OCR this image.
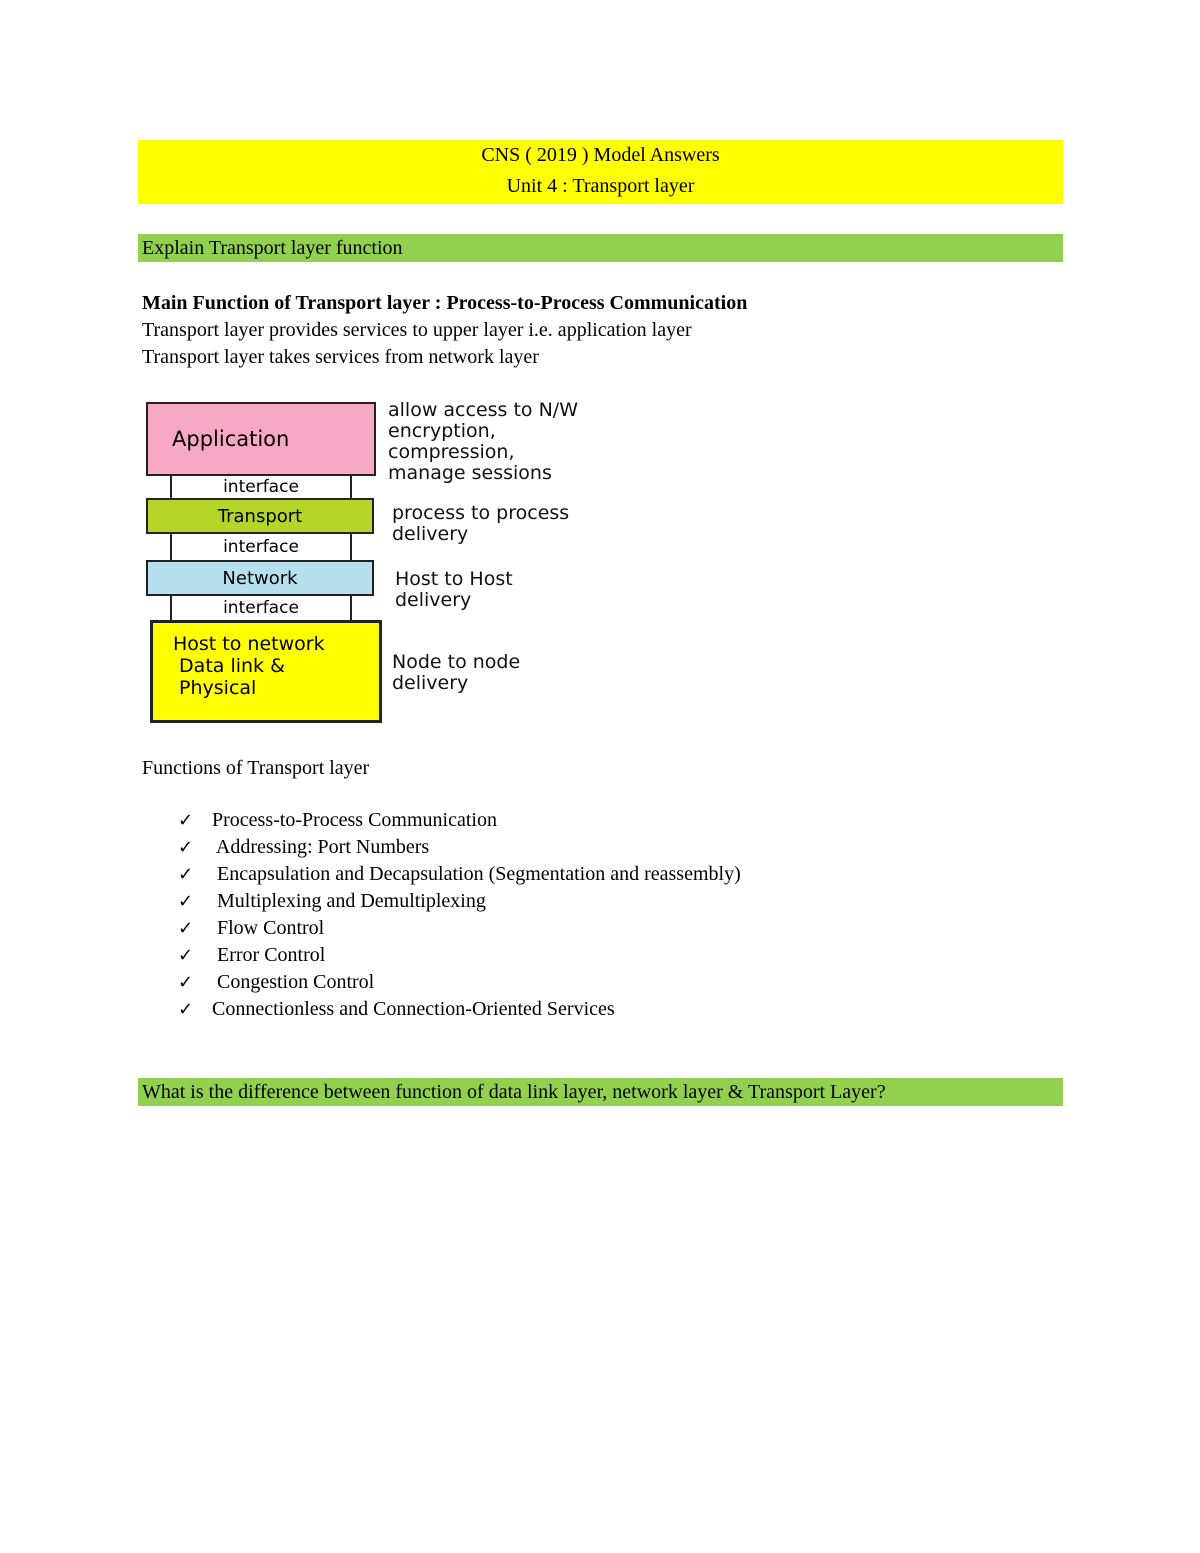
CNS ( 2019 ) Model Answers
Unit 4 : Transport layer
Explain Transport layer function
Main Function of Transport layer : Process-to-Process Communication
Transport layer provides services to upper layer i.e. application layer
Transport layer takes services from network layer
Application
interface
Transport
interface
Network
interface
Host to network
Data link &
Physical
allow access to N/W
encryption,
compression,
manage sessions
process to process
delivery
Host to Host
delivery
Node to node
delivery
Functions of Transport layer
✓ Process-to-Process Communication
✓ Addressing: Port Numbers
✓ Encapsulation and Decapsulation (Segmentation and reassembly)
✓ Multiplexing and Demultiplexing
✓ Flow Control
✓ Error Control
✓ Congestion Control
✓ Connectionless and Connection-Oriented Services
What is the difference between function of data link layer, network layer & Transport Layer?
